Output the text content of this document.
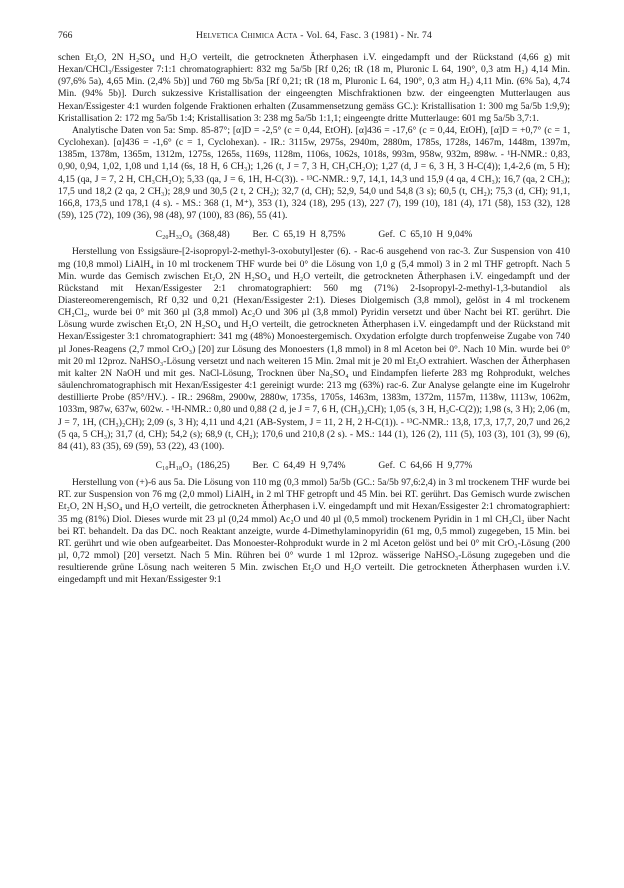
766	Helvetica Chimica Acta - Vol. 64, Fasc. 3 (1981) - Nr. 74

schen Et₂O, 2N H₂SO₄ und H₂O verteilt, die getrockneten Ätherphasen i.V. eingedampft und der Rückstand (4,66 g) mit Hexan/CHCl₃/Essigester 7:1:1 chromatographiert: 832 mg 5a/5b [Rf 0,26; tR (18 m, Pluronic L 64, 190°, 0,3 atm H₂) 4,14 Min. (97,6% 5a), 4,65 Min. (2,4% 5b)] und 760 mg 5b/5a [Rf 0,21; tR (18 m, Pluronic L 64, 190°, 0,3 atm H₂) 4,11 Min. (6% 5a), 4,74 Min. (94% 5b)]. Durch sukzessive Kristallisation der eingeengten Mischfraktionen bzw. der eingeengten Mutterlaugen aus Hexan/Essigester 4:1 wurden folgende Fraktionen erhalten (Zusammensetzung gemäss GC.): Kristallisation 1: 300 mg 5a/5b 1:9,9); Kristallisation 2: 172 mg 5a/5b 1:4; Kristallisation 3: 238 mg 5a/5b 1:1,1; eingeengte dritte Mutterlauge: 601 mg 5a/5b 3,7:1.

Analytische Daten von 5a: Smp. 85-87°; [α]D = -2,5° (c = 0,44, EtOH). [α]436 = -17,6° (c = 0,44, EtOH), [α]D = +0,7° (c = 1, Cyclohexan). [α]436 = -1,6° (c = 1, Cyclohexan). - IR.: 3115w, 2975s, 2940m, 2880m, 1785s, 1728s, 1467m, 1448m, 1397m, 1385m, 1378m, 1365m, 1312m, 1275s, 1265s, 1169s, 1128m, 1106s, 1062s, 1018s, 993m, 958w, 932m, 898w. - ¹H-NMR.: 0,83, 0,90, 0,94, 1,02, 1,08 und 1,14 (6s, 18 H, 6 CH₃); 1,26 (t, J = 7, 3 H, CH₃CH₂O); 1,27 (d, J = 6, 3 H, 3 H-C(4)); 1,4-2,6 (m, 5 H); 4,15 (qa, J = 7, 2 H, CH₃CH₂O); 5,33 (qa, J = 6, 1H, H-C(3)). - ¹³C-NMR.: 9,7, 14,1, 14,3 und 15,9 (4 qa, 4 CH₃); 16,7 (qa, 2 CH₃); 17,5 und 18,2 (2 qa, 2 CH₃); 28,9 und 30,5 (2 t, 2 CH₂); 32,7 (d, CH); 52,9, 54,0 und 54,8 (3 s); 60,5 (t, CH₂); 75,3 (d, CH); 91,1, 166,8, 173,5 und 178,1 (4 s). - MS.: 368 (1, M⁺), 353 (1), 324 (18), 295 (13), 227 (7), 199 (10), 181 (4), 171 (58), 153 (32), 128 (59), 125 (72), 109 (36), 98 (48), 97 (100), 83 (86), 55 (41).

C₂₀H₃₂O₆ (368,48) Ber. C 65,19 H 8,75%	Gef. C 65,10 H 9,04%

Herstellung von Essigsäure-[2-isopropyl-2-methyl-3-oxobutyl]ester (6). - Rac-6 ausgehend von rac-3. Zur Suspension von 410 mg (10,8 mmol) LiAlH₄ in 10 ml trockenem THF wurde bei 0° die Lösung von 1,0 g (5,4 mmol) 3 in 2 ml THF getropft. Nach 5 Min. wurde das Gemisch zwischen Et₂O, 2N H₂SO₄ und H₂O verteilt, die getrockneten Ätherphasen i.V. eingedampft und der Rückstand mit Hexan/Essigester 2:1 chromatographiert: 560 mg (71%) 2-Isopropyl-2-methyl-1,3-butandiol als Diastereomerengemisch, Rf 0,32 und 0,21 (Hexan/Essigester 2:1). Dieses Diolgemisch (3,8 mmol), gelöst in 4 ml trockenem CH₂Cl₂, wurde bei 0° mit 360 µl (3,8 mmol) Ac₂O und 306 µl (3,8 mmol) Pyridin versetzt und über Nacht bei RT. gerührt. Die Lösung wurde zwischen Et₂O, 2N H₂SO₄ und H₂O verteilt, die getrockneten Ätherphasen i.V. eingedampft und der Rückstand mit Hexan/Essigester 3:1 chromatographiert: 341 mg (48%) Monoestergemisch. Oxydation erfolgte durch tropfenweise Zugabe von 740 µl Jones-Reagens (2,7 mmol CrO₃) [20] zur Lösung des Monoesters (1,8 mmol) in 8 ml Aceton bei 0°. Nach 10 Min. wurde bei 0° mit 20 ml 12proz. NaHSO₃-Lösung versetzt und nach weiteren 15 Min. 2mal mit je 20 ml Et₂O extrahiert. Waschen der Ätherphasen mit kalter 2N NaOH und mit ges. NaCl-Lösung, Trocknen über Na₂SO₄ und Eindampfen lieferte 283 mg Rohprodukt, welches säulenchromatographisch mit Hexan/Essigester 4:1 gereinigt wurde: 213 mg (63%) rac-6. Zur Analyse gelangte eine im Kugelrohr destillierte Probe (85°/HV.). - IR.: 2968m, 2900w, 2880w, 1735s, 1705s, 1463m, 1383m, 1372m, 1157m, 1138w, 1113w, 1062m, 1033m, 987w, 637w, 602w. - ¹H-NMR.: 0,80 und 0,88 (2 d, je J = 7, 6 H, (CH₃)₂CH); 1,05 (s, 3 H, H₃C-C(2)); 1,98 (s, 3 H); 2,06 (m, J = 7, 1H, (CH₃)₂CH); 2,09 (s, 3 H); 4,11 und 4,21 (AB-System, J = 11, 2 H, 2 H-C(1)). - ¹³C-NMR.: 13,8, 17,3, 17,7, 20,7 und 26,2 (5 qa, 5 CH₃); 31,7 (d, CH); 54,2 (s); 68,9 (t, CH₂); 170,6 und 210,8 (2 s). - MS.: 144 (1), 126 (2), 111 (5), 103 (3), 101 (3), 99 (6), 84 (41), 83 (35), 69 (59), 53 (22), 43 (100).

C₁₀H₁₈O₃ (186,25) Ber. C 64,49 H 9,74%	Gef. C 64,66 H 9,77%

Herstellung von (+)-6 aus 5a. Die Lösung von 110 mg (0,3 mmol) 5a/5b (GC.: 5a/5b 97,6:2,4) in 3 ml trockenem THF wurde bei RT. zur Suspension von 76 mg (2,0 mmol) LiAlH₄ in 2 ml THF getropft und 45 Min. bei RT. gerührt. Das Gemisch wurde zwischen Et₂O, 2N H₂SO₄ und H₂O verteilt, die getrockneten Ätherphasen i.V. eingedampft und mit Hexan/Essigester 2:1 chromatographiert: 35 mg (81%) Diol. Dieses wurde mit 23 µl (0,24 mmol) Ac₂O und 40 µl (0,5 mmol) trockenem Pyridin in 1 ml CH₂Cl₂ über Nacht bei RT. behandelt. Da das DC. noch Reaktant anzeigte, wurde 4-Dimethylaminopyridin (61 mg, 0,5 mmol) zugegeben, 15 Min. bei RT. gerührt und wie oben aufgearbeitet. Das Monoester-Rohprodukt wurde in 2 ml Aceton gelöst und bei 0° mit CrO₃-Lösung (200 µl, 0,72 mmol) [20] versetzt. Nach 5 Min. Rühren bei 0° wurde 1 ml 12proz. wässerige NaHSO₃-Lösung zugegeben und die resultierende grüne Lösung nach weiteren 5 Min. zwischen Et₂O und H₂O verteilt. Die getrockneten Ätherphasen wurden i.V. eingedampft und mit Hexan/Essigester 9:1
